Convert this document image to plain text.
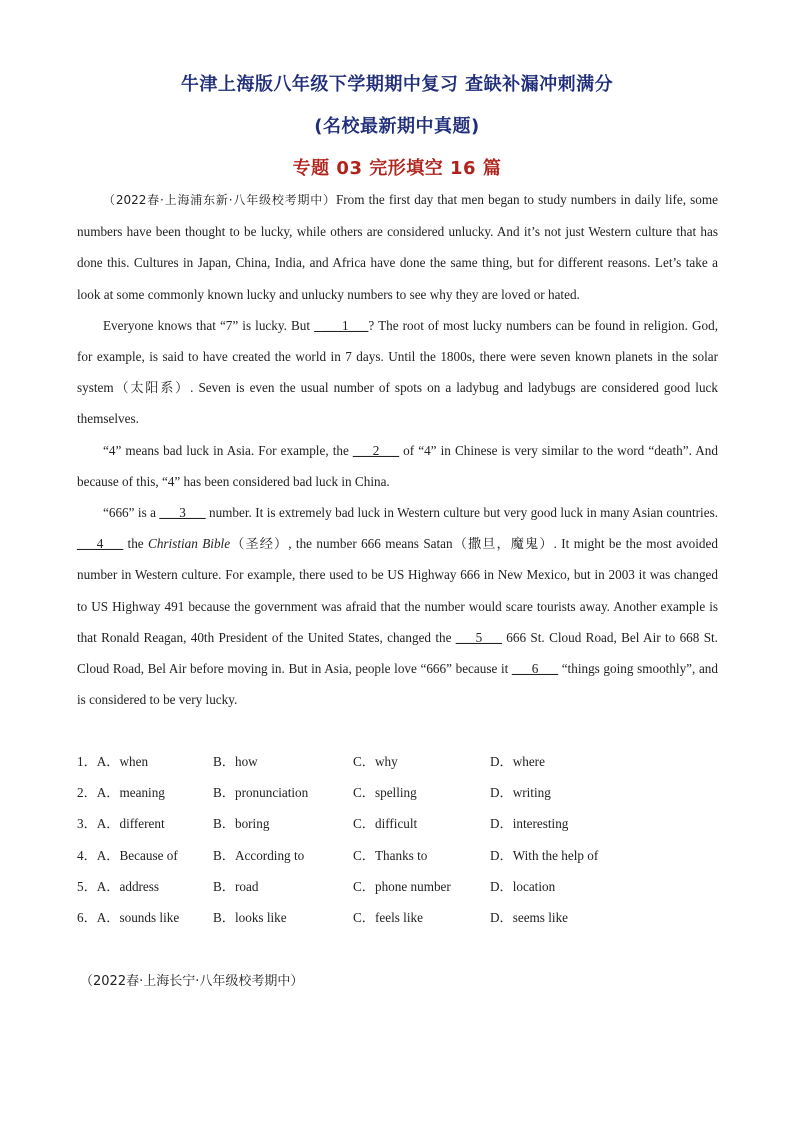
牛津上海版八年级下学期期中复习 查缺补漏冲刺满分
(名校最新期中真题)
专题 03 完形填空 16 篇

（2022春·上海浦东新·八年级校考期中）From the first day that men began to study numbers in daily life, some numbers have been thought to be lucky, while others are considered unlucky. And it’s not just Western culture that has done this. Cultures in Japan, China, India, and Africa have done the same thing, but for different reasons. Let’s take a look at some commonly known lucky and unlucky numbers to see why they are loved or hated.

Everyone knows that “7” is lucky. But   ___1___? The root of most lucky numbers can be found in religion. God, for example, is said to have created the world in 7 days. Until the 1800s, there were seven known planets in the solar system（太阳系）. Seven is even the usual number of spots on a ladybug and ladybugs are considered good luck themselves.

“4” means bad luck in Asia. For example, the ___2___ of “4” in Chinese is very similar to the word “death”. And because of this, “4” has been considered bad luck in China.

“666” is a ___3___ number. It is extremely bad luck in Western culture but very good luck in many Asian countries. ___4___ the Christian Bible（圣经）, the number 666 means Satan（撒旦，魔鬼）. It might be the most avoided number in Western culture. For example, there used to be US Highway 666 in New Mexico, but in 2003 it was changed to US Highway 491 because the government was afraid that the number would scare tourists away. Another example is that Ronald Reagan, 40th President of the United States, changed the ___5___ 666 St. Cloud Road, Bel Air to 668 St. Cloud Road, Bel Air before moving in. But in Asia, people love “666” because it ___6___ “things going smoothly”, and is considered to be very lucky.

1．A．when	B．how	C．why	D．where
2．A．meaning	B．pronunciation	C．spelling	D．writing
3．A．different	B．boring	C．difficult	D．interesting
4．A．Because of	B．According to	C．Thanks to	D．With the help of
5．A．address	B．road	C．phone number	D．location
6．A．sounds like	B．looks like	C．feels like	D．seems like
（2022春·上海长宁·八年级校考期中）
